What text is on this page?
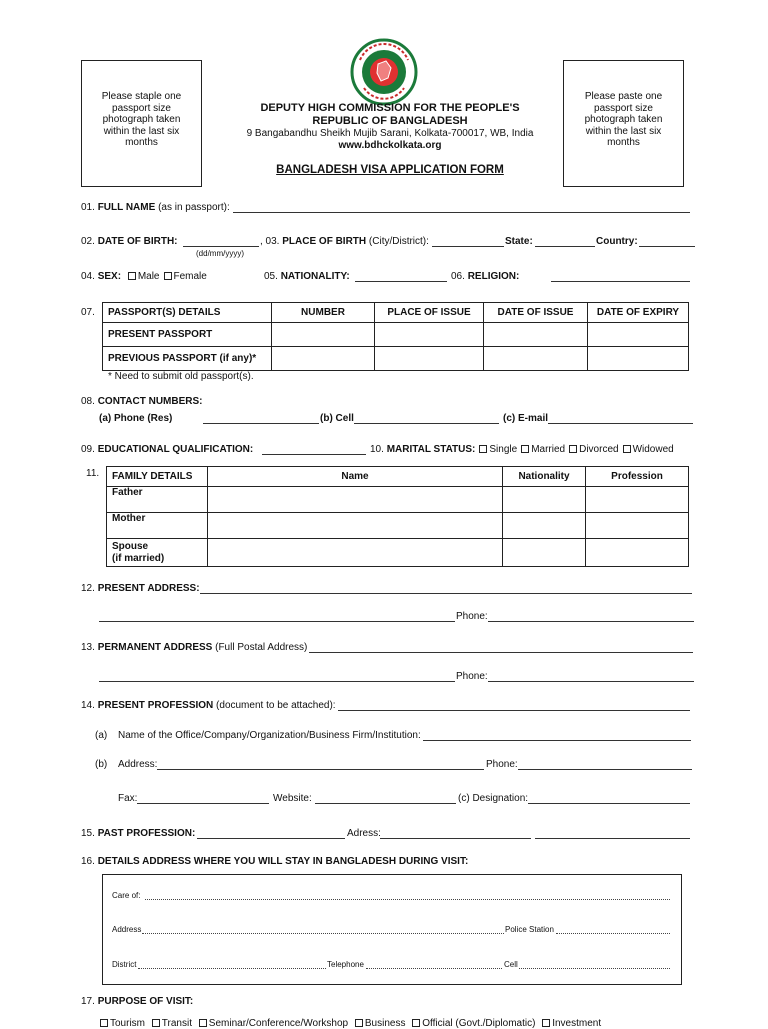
Please staple one
passport size
photograph taken
within the last six
months
Please paste one
passport size
photograph taken
within the last six
months
DEPUTY HIGH COMMISSION FOR THE PEOPLE'S
REPUBLIC OF BANGLADESH
9 Bangabandhu Sheikh Mujib Sarani, Kolkata-700017, WB, India
www.bdhckolkata.org
BANGLADESH VISA APPLICATION FORM
01. FULL NAME (as in passport):
02. DATE OF BIRTH:	, 03. PLACE OF BIRTH (City/District):	State:	Country:
(dd/mm/yyyy)
04. SEX: Male Female	05. NATIONALITY:	06. RELIGION:
07. PASSPORT(S) DETAILS	NUMBER	PLACE OF ISSUE	DATE OF ISSUE	DATE OF EXPIRY
PRESENT PASSPORT				
PREVIOUS PASSPORT (if any)*				
* Need to submit old passport(s).
08. CONTACT NUMBERS:
(a) Phone (Res)	(b) Cell	(c) E-mail
09. EDUCATIONAL QUALIFICATION:	10. MARITAL STATUS: Single Married Divorced Widowed
11. FAMILY DETAILS	Name	Nationality	Profession
Father			
Mother			
Spouse
(if married)			
12. PRESENT ADDRESS:
Phone:
13. PERMANENT ADDRESS (Full Postal Address)
Phone:
14. PRESENT PROFESSION (document to be attached):
(a) Name of the Office/Company/Organization/Business Firm/Institution:
(b) Address:	Phone:
Fax:	Website:	(c) Designation:
15. PAST PROFESSION:	Adress:
16. DETAILS ADDRESS WHERE YOU WILL STAY IN BANGLADESH DURING VISIT:
Care of:
Address	Police Station
District	Telephone	Cell
17. PURPOSE OF VISIT:
Tourism Transit Seminar/Conference/Workshop Business Official (Govt./Diplomatic) Investment
